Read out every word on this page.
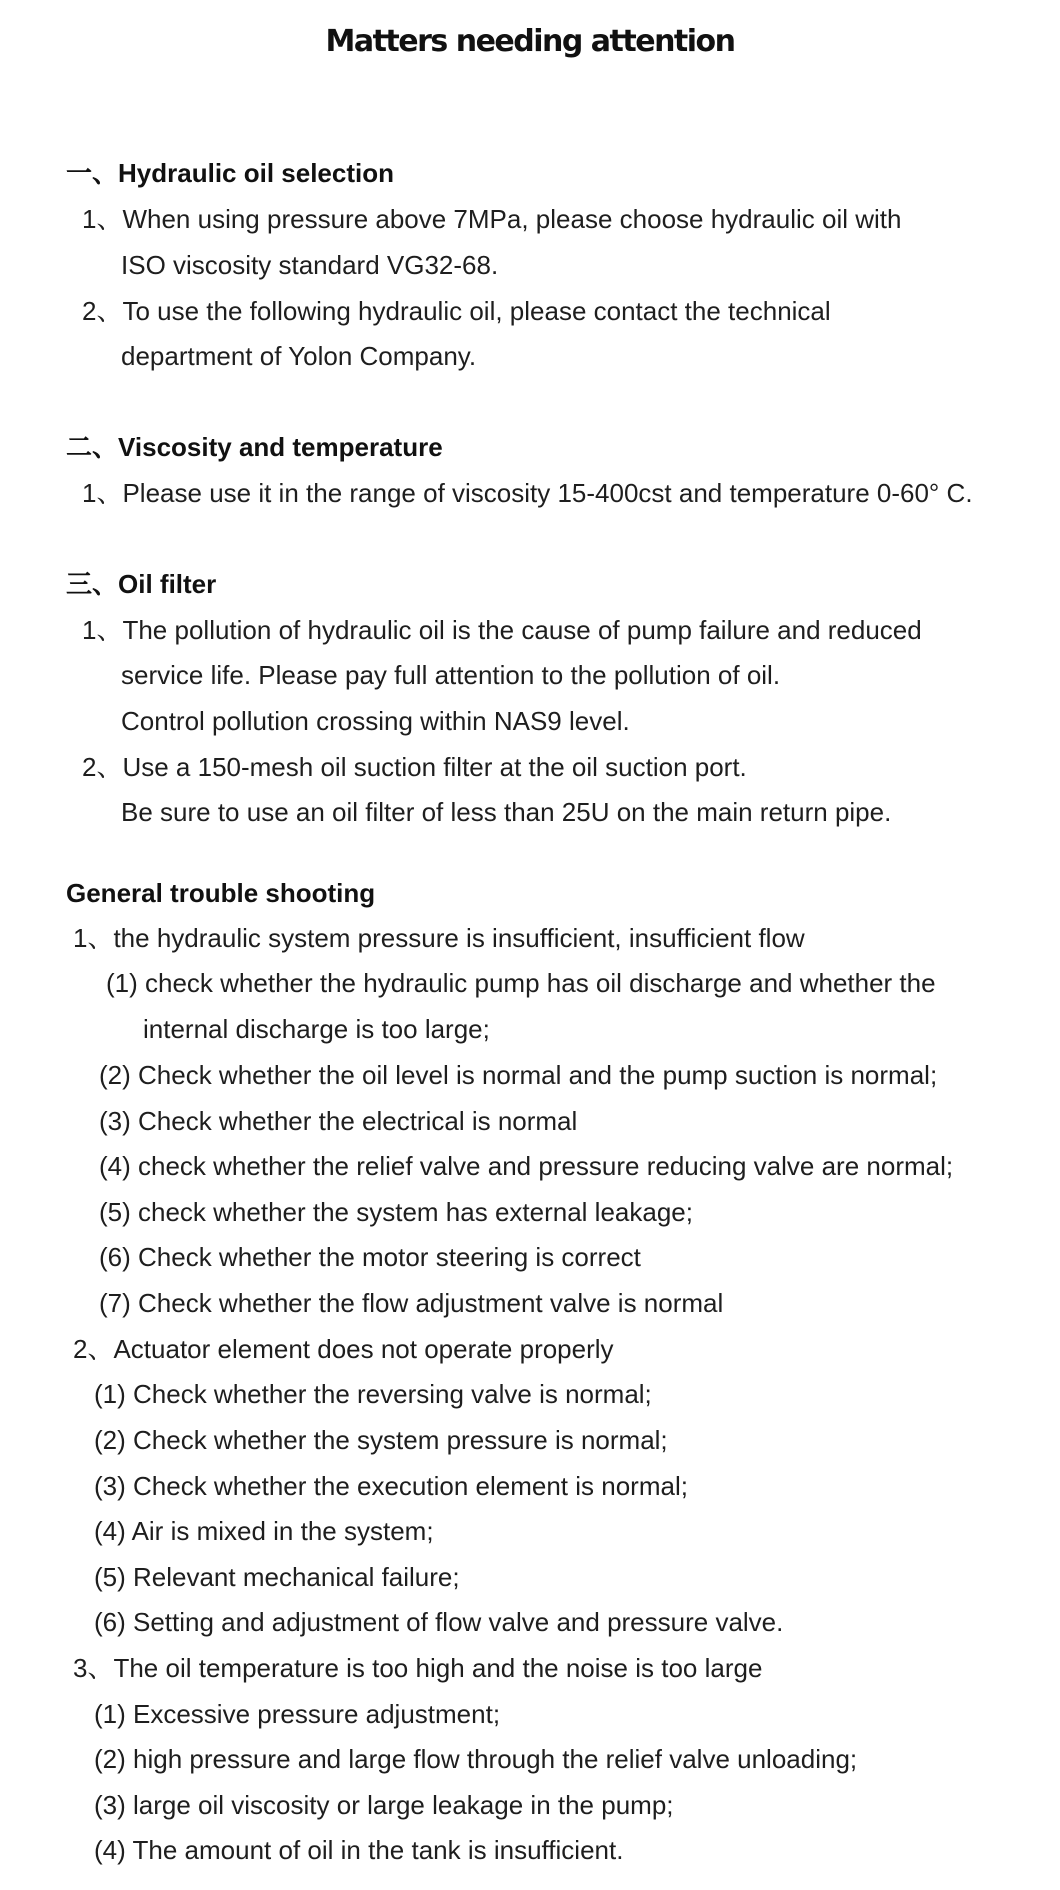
Matters needing attention
一、Hydraulic oil selection
1、When using pressure above 7MPa, please choose hydraulic oil with
ISO viscosity standard VG32-68.
2、To use the following hydraulic oil, please contact the technical
department of Yolon Company.
二、Viscosity and temperature
1、Please use it in the range of viscosity 15-400cst and temperature 0-60° C.
三、Oil filter
1、The pollution of hydraulic oil is the cause of pump failure and reduced
service life. Please pay full attention to the pollution of oil.
Control pollution crossing within NAS9 level.
2、Use a 150-mesh oil suction filter at the oil suction port.
Be sure to use an oil filter of less than 25U on the main return pipe.
General trouble shooting
1、the hydraulic system pressure is insufficient, insufficient flow
(1) check whether the hydraulic pump has oil discharge and whether the
internal discharge is too large;
(2) Check whether the oil level is normal and the pump suction is normal;
(3) Check whether the electrical is normal
(4) check whether the relief valve and pressure reducing valve are normal;
(5) check whether the system has external leakage;
(6) Check whether the motor steering is correct
(7) Check whether the flow adjustment valve is normal
2、Actuator element does not operate properly
(1) Check whether the reversing valve is normal;
(2) Check whether the system pressure is normal;
(3) Check whether the execution element is normal;
(4) Air is mixed in the system;
(5) Relevant mechanical failure;
(6) Setting and adjustment of flow valve and pressure valve.
3、The oil temperature is too high and the noise is too large
(1) Excessive pressure adjustment;
(2) high pressure and large flow through the relief valve unloading;
(3) large oil viscosity or large leakage in the pump;
(4) The amount of oil in the tank is insufficient.
